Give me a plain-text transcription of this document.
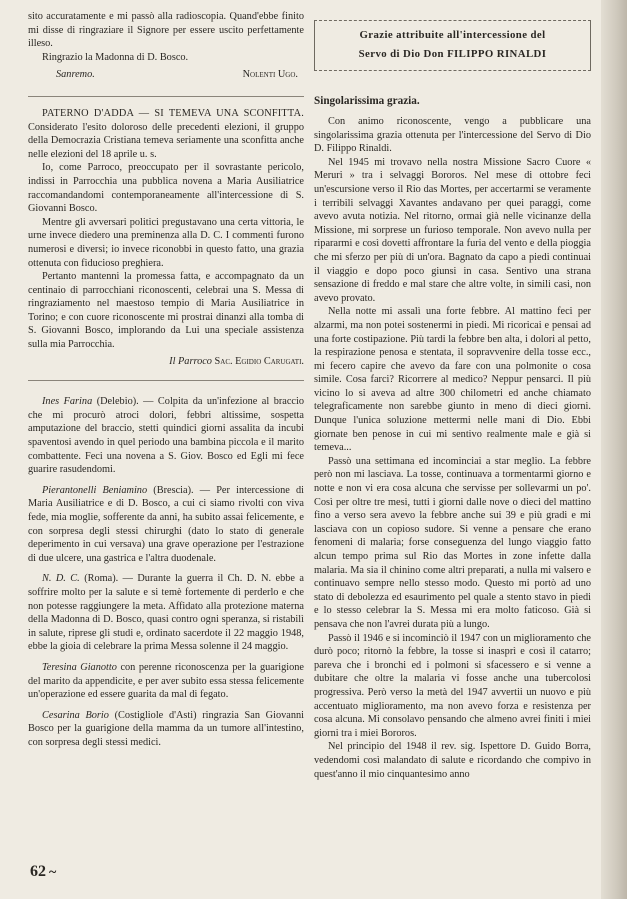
sito accuratamente e mi passò alla radioscopia. Quand'ebbe finito mi disse di ringraziare il Signore per essere uscito perfettamente illeso.

Ringrazio la Madonna di D. Bosco.

Sanremo.	Nolenti Ugo.

PATERNO D'ADDA — SI TEMEVA UNA SCONFITTA. Considerato l'esito doloroso delle precedenti elezioni, il gruppo della Democrazia Cristiana temeva seriamente una sconfitta anche nelle elezioni del 18 aprile u. s.

Io, come Parroco, preoccupato per il sovrastante pericolo, indissi in Parrocchia una pubblica novena a Maria Ausiliatrice raccomandandomi contemporaneamente all'intercessione di S. Giovanni Bosco.

Mentre gli avversari politici pregustavano una certa vittoria, le urne invece diedero una preminenza alla D. C. I commenti furono numerosi e diversi; io invece riconobbi in questo fatto, una grazia ottenuta con fiducioso preghiera.

Pertanto mantenni la promessa fatta, e accompagnato da un centinaio di parrocchiani riconoscenti, celebrai una S. Messa di ringraziamento nel maestoso tempio di Maria Ausiliatrice in Torino; e con cuore riconoscente mi prostrai dinanzi alla tomba di S. Giovanni Bosco, implorando da Lui una speciale assistenza sulla mia Parrocchia.

Il Parroco Sac. Egidio Carugati.

Ines Farina (Delebio). — Colpita da un'infezione al braccio che mi procurò atroci dolori, febbri altissime, sospetta amputazione del braccio, stetti quindici giorni assalita da incubi spaventosi avendo in quel periodo una bambina piccola e il marito combattente. Feci una novena a S. Giov. Bosco ed Egli mi fece guarire rasudendomi.

Pierantonelli Beniamino (Brescia). — Per intercessione di Maria Ausiliatrice e di D. Bosco, a cui ci siamo rivolti con viva fede, mia moglie, sofferente da anni, ha subito assai felicemente, e con sorpresa degli stessi chirurghi (dato lo stato di generale deperimento in cui versava) una grave operazione per l'estrazione di due ulcere, una gastrica e l'altra duodenale.

N. D. C. (Roma). — Durante la guerra il Ch. D. N. ebbe a soffrire molto per la salute e si temè fortemente di perderlo e che non potesse raggiungere la meta. Affidato alla protezione materna della Madonna di D. Bosco, quasi contro ogni speranza, si ristabilì in salute, riprese gli studi e, ordinato sacerdote il 22 maggio 1948, ebbe la gioia di celebrare la prima Messa solenne il 24 maggio.

Teresina Gianotto con perenne riconoscenza per la guarigione del marito da appendicite, e per aver subito essa stessa felicemente un'operazione ed essere guarita da mal di fegato.

Cesarina Borio (Costigliole d'Asti) ringrazia San Giovanni Bosco per la guarigione della mamma da un tumore all'intestino, con sorpresa degli stessi medici.

Grazie attribuite all'intercessione del
Servo di Dio Don FILIPPO RINALDI
Singolarissima grazia.

Con animo riconoscente, vengo a pubblicare una singolarissima grazia ottenuta per l'intercessione del Servo di Dio D. Filippo Rinaldi.

Nel 1945 mi trovavo nella nostra Missione Sacro Cuore « Meruri » tra i selvaggi Bororos. Nel mese di ottobre feci un'escursione verso il Rio das Mortes, per accertarmi se veramente i terribili selvaggi Xavantes andavano per quei paraggi, come avevo avuta notizia. Nel ritorno, ormai già nelle vicinanze della Missione, mi sorprese un furioso temporale. Non avevo nulla per ripararmi e così dovetti affrontare la furia del vento e della pioggia che mi sferzo per più di un'ora. Bagnato da capo a piedi continuai il viaggio e dopo poco giunsi in casa. Sentivo una strana sensazione di freddo e mal stare che altre volte, in simili casi, non avevo provato.

Nella notte mi assalì una forte febbre. Al mattino feci per alzarmi, ma non potei sostenermi in piedi. Mi ricoricai e pensai ad una forte costipazione. Più tardi la febbre ben alta, i dolori al petto, la respirazione penosa e stentata, il sopravvenire della tosse ecc., mi fecero capire che avevo da fare con una polmonite o cosa simile. Cosa farci? Ricorrere al medico? Neppur pensarci. Il più vicino lo si aveva ad altre 300 chilometri ed anche chiamato telegraficamente non sarebbe giunto in meno di dieci giorni. Dunque l'unica soluzione mettermi nelle mani di Dio. Ebbi giornate ben penose in cui mi sentivo realmente male e già si temeva...

Passò una settimana ed incominciai a star meglio. La febbre però non mi lasciava. La tosse, continuava a tormentarmi giorno e notte e non vi era cosa alcuna che servisse per sollevarmi un po'. Così per oltre tre mesi, tutti i giorni dalle nove o dieci del mattino fino a verso sera avevo la febbre anche sui 39 e più gradi e mi lasciava con un copioso sudore. Si venne a pensare che erano fenomeni di malaria; forse conseguenza del lungo viaggio fatto alcun tempo prima sul Rio das Mortes in zone infette dalla malaria. Ma sia il chinino come altri preparati, a nulla mi valsero e continuavo sempre nello stesso modo. Questo mi portò ad uno stato di debolezza ed esaurimento pel quale a stento stavo in piedi e lo stesso celebrar la S. Messa mi era molto faticoso. Già si pensava che non l'avrei durata più a lungo.

Passò il 1946 e si incominciò il 1947 con un miglioramento che durò poco; ritornò la febbre, la tosse si inasprì e così il catarro; pareva che i bronchi ed i polmoni si sfacessero e si venne a dubitare che oltre la malaria vi fosse anche una tubercolosi progressiva. Però verso la metà del 1947 avvertii un nuovo e più accentuato miglioramento, ma non avevo forza e resistenza per cosa alcuna. Mi consolavo pensando che almeno avrei finiti i miei giorni tra i miei Bororos.

Nel principio del 1948 il rev. sig. Ispettore D. Guido Borra, vedendomi così malandato di salute e ricordando che compivo in quest'anno il mio cinquantesimo anno

62 ~
